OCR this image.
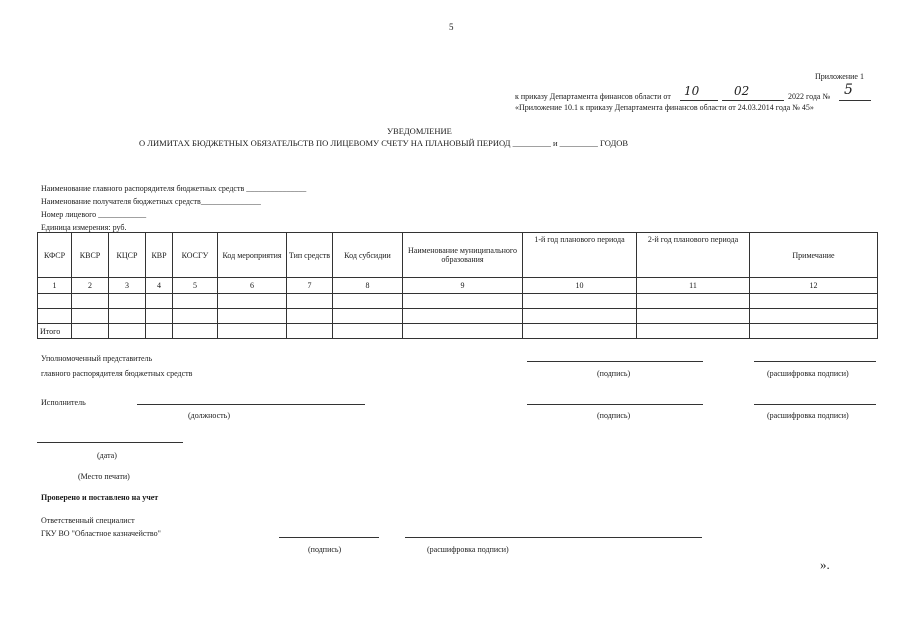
5
Приложение 1
к приказу Департамента финансов области от 10	02	2022 года № 5
«Приложение 10.1 к приказу Департамента финансов области от 24.03.2014 года № 45»
УВЕДОМЛЕНИЕ
О ЛИМИТАХ БЮДЖЕТНЫХ ОБЯЗАТЕЛЬСТВ ПО ЛИЦЕВОМУ СЧЕТУ НА ПЛАНОВЫЙ ПЕРИОД _________ и _________ ГОДОВ
Наименование главного распорядителя бюджетных средств _______________
Наименование получателя бюджетных средств_______________
Номер лицевого ____________
Единица измерения: руб.
КФСР	КВСР	КЦСР	КВР	КОСГУ	Код мероприятия	Тип средств	Код субсидии	Наименование муниципального образования	1-й год планового периода	2-й год планового периода	Примечание
1	2	3	4	5	6	7	8	9	10	11	12

Итого											
Уполномоченный представитель
главного распорядителя бюджетных средств	(подпись)	(расшифровка подписи)
Исполнитель
(должность)	(подпись)	(расшифровка подписи)
(дата)
(Место печати)
Проверено и поставлено на учет
Ответственный специалист
ГКУ ВО "Областное казначейство"
(подпись)	(расшифровка подписи)
».
